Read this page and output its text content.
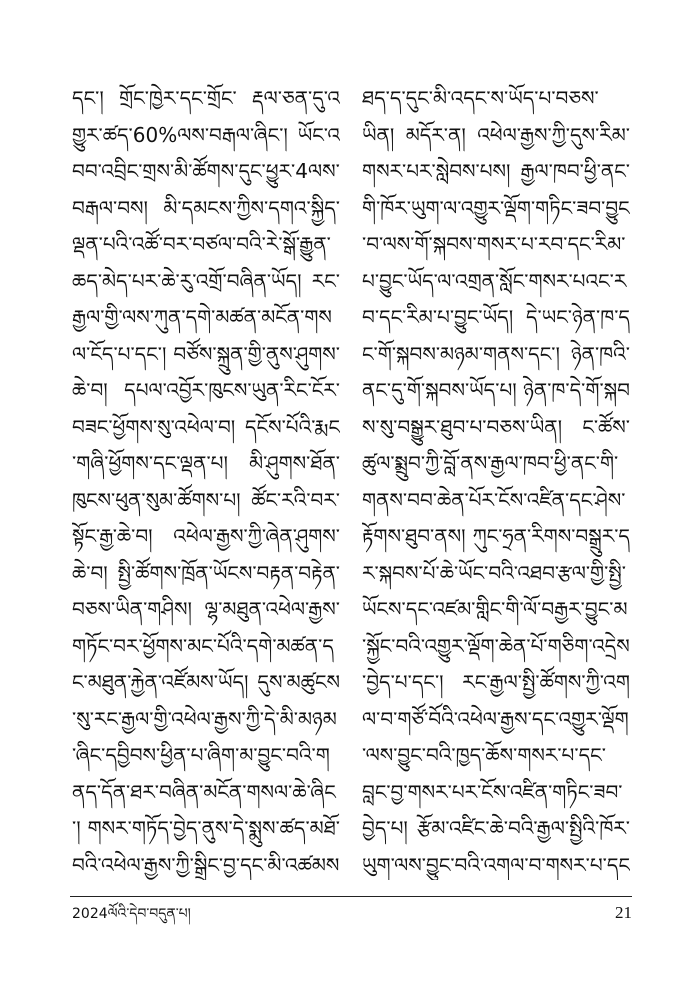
དང་། གྲོང་ཁྱེར་དང་གྲོང་ རྡལ་ཅན་དུ་འགྱུར་ཚད་60%ལས་བརྒལ་ཞིང་། ཡོང་འབབ་འབྲིང་གྲས་མི་ཚོགས་དུང་ཕྱུར་4ལས་བརྒལ་བས། མི་དམངས་ཀྱིས་དགའ་སྐྱིད་ལྡན་པའི་འཚོ་བར་བཙལ་བའི་རེ་སྒོ་རྒྱུན་ཆད་མེད་པར་ཆེ་རུ་འགྲོ་བཞིན་ཡོད། རང་རྒྱལ་གྱི་ལས་ཀུན་དགེ་མཚན་མངོན་གསལ་ངོད་པ་དང་། བཙོས་སྐྲུན་གྱི་ནུས་ཤུགས་ཆེ་བ། དཔལ་འབྱོར་ཁུངས་ཡུན་རིང་ངོར་བཟང་ཕྱོགས་སུ་འཕེལ་བ། དངོས་པོའི་རྨང་གཞི་ཕྱོགས་དང་ལྡན་པ། མི་ཤུགས་ཐོན་ཁུངས་ཕུན་སུམ་ཚོགས་པ། ཚོང་རའི་བར་སྟོང་རྒྱ་ཆེ་བ། འཕེལ་རྒྱས་ཀྱི་ཞེན་ཤུགས་ཆེ་བ། སྤྱི་ཚོགས་ཁྲོན་ཡོངས་བརྟན་བརྟེན་བཅས་ཡིན་གཤིས། ལྷ་མཐུན་འཕེལ་རྒྱས་གཏོང་བར་ཕྱོགས་མང་པོའི་དགེ་མཚན་དང་མཐུན་རྐྱེན་འཛོམས་ཡོད། དུས་མཚུངས་སུ་རང་རྒྱལ་གྱི་འཕེལ་རྒྱས་ཀྱི་དེ་མི་མཉམ་ཞིང་དབྱིབས་ཕྱིན་པ་ཞིག་མ་བྱུང་བའི་གནད་དོན་ཐར་བཞིན་མངོན་གསལ་ཆེ་ཞིང་། གསར་གཏོད་བྱེད་ནུས་དེ་སྨུས་ཚད་མཐོ་བའི་འཕེལ་རྒྱས་ཀྱི་སྒྲིང་བྱ་དང་མི་འཚམས

ཐད་ད་དུང་མི་འདང་ས་ཡོད་པ་བཅས་ཡིན། མདོར་ན། འཕེལ་རྒྱས་ཀྱི་དུས་རིམ་གསར་པར་སླེབས་པས། རྒྱལ་ཁབ་ཕྱི་ནང་གི་ཁོར་ཡུག་ལ་འགྱུར་ལྡོག་གཏིང་ཟབ་བྱུང་བ་ལས་གོ་སྐབས་གསར་པ་རབ་དང་རིམ་པ་བྱུང་ཡོད་ལ་འགྲན་སློང་གསར་པའང་རབ་དང་རིམ་པ་བྱུང་ཡོད། དེ་ཡང་ཉེན་ཁ་དང་གོ་སྐབས་མཉམ་གནས་དང་། ཉེན་ཁའི་ནང་དུ་གོ་སྐབས་ཡོད་པ། ཉེན་ཁ་དེ་གོ་སྐབས་སུ་བསྒྱུར་ཐུབ་པ་བཅས་ཡིན། ང་ཚོས་ཚུལ་སྨྲུབ་ཀྱི་བློ་ནས་རྒྱལ་ཁབ་ཕྱི་ནང་གི་གནས་བབ་ཆེན་པོར་ངོས་འཛིན་དང་ཤེས་རྟོགས་ཐུབ་ནས། ཀུང་ཧྲན་རིགས་བསྒྲུར་དར་སྐབས་པོ་ཆེ་ཡོང་བའི་འཐབ་རྩལ་གྱི་སྤྱི་ཡོངས་དང་འཛམ་གླིང་གི་ལོ་བརྒྱར་བྱུང་མ་སྐྱོང་བའི་འགྱུར་ལྡོག་ཆེན་པོ་གཅིག་འདྲེས་བྱེད་པ་དང་། རང་རྒྱལ་སྤྱི་ཚོགས་ཀྱི་འགལ་བ་གཙོ་བོའི་འཕེལ་རྒྱས་དང་འགྱུར་ལྡོག་ལས་བྱུང་བའི་ཁྱད་ཆོས་གསར་པ་དང་བླང་བྱ་གསར་པར་ངོས་འཛིན་གཏིང་ཟབ་བྱེད་པ། རྩོམ་འཛིང་ཆེ་བའི་རྒྱལ་སྤྱིའི་ཁོར་ཡུག་ལས་བྱུང་བའི་འགལ་བ་གསར་པ་དང

2024ལོའི་དེབ་བདུན་པ།	21
